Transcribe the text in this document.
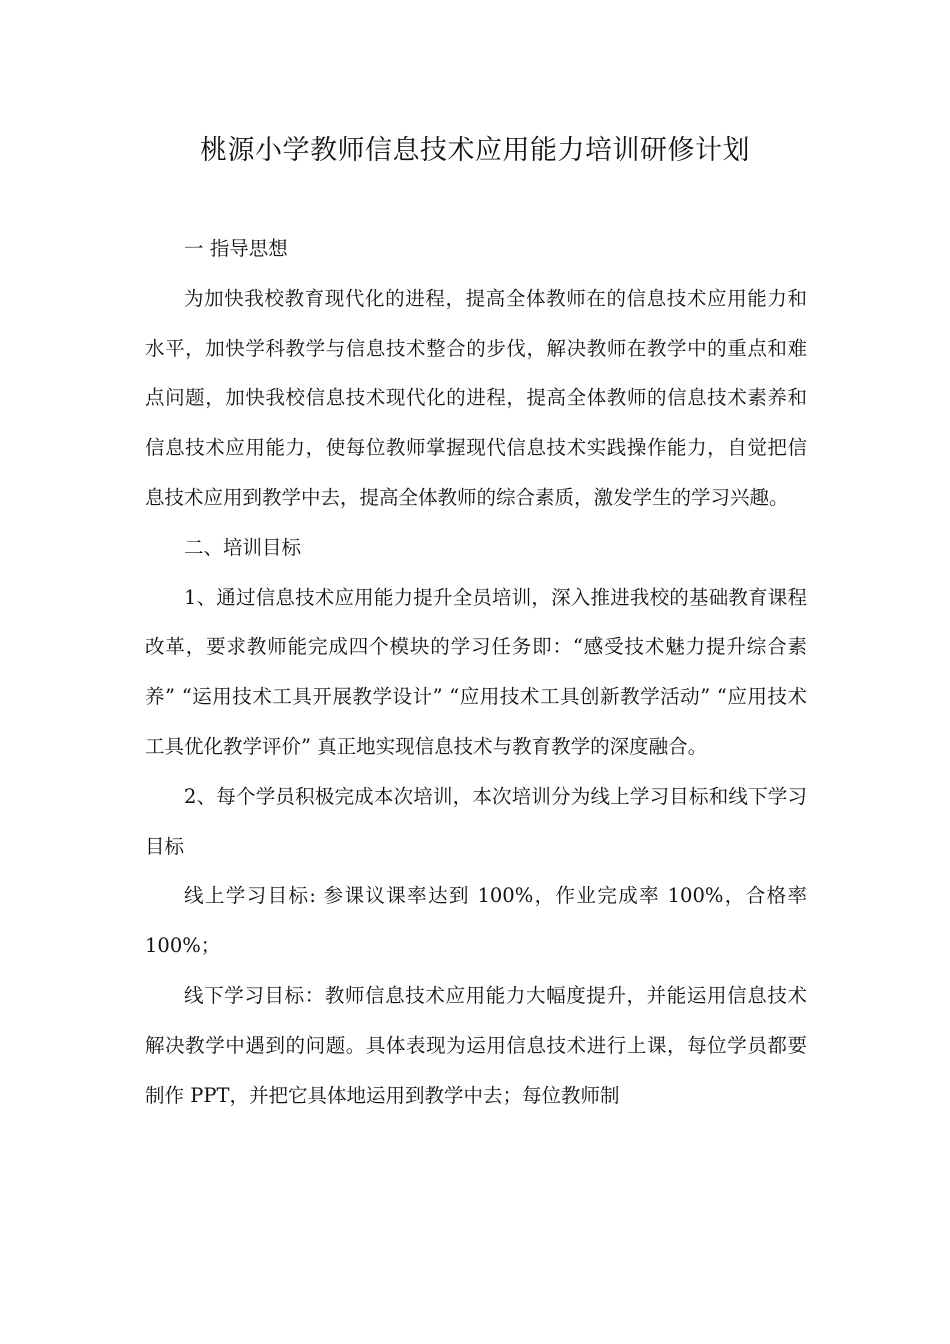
桃源小学教师信息技术应用能力培训研修计划

一 指导思想

为加快我校教育现代化的进程，提高全体教师在的信息技术应用能力和水平，加快学科教学与信息技术整合的步伐，解决教师在教学中的重点和难点问题，加快我校信息技术现代化的进程，提高全体教师的信息技术素养和信息技术应用能力，使每位教师掌握现代信息技术实践操作能力，自觉把信息技术应用到教学中去，提高全体教师的综合素质，激发学生的学习兴趣。

二、培训目标

1、通过信息技术应用能力提升全员培训，深入推进我校的基础教育课程改革，要求教师能完成四个模块的学习任务即：“感受技术魅力提升综合素养” “运用技术工具开展教学设计” “应用技术工具创新教学活动” “应用技术工具优化教学评价” 真正地实现信息技术与教育教学的深度融合。

2、每个学员积极完成本次培训，本次培训分为线上学习目标和线下学习目标

线上学习目标: 参课议课率达到 100%，作业完成率 100%，合格率 100%；

线下学习目标：教师信息技术应用能力大幅度提升，并能运用信息技术解决教学中遇到的问题。具体表现为运用信息技术进行上课，每位学员都要制作 PPT，并把它具体地运用到教学中去；每位教师制
